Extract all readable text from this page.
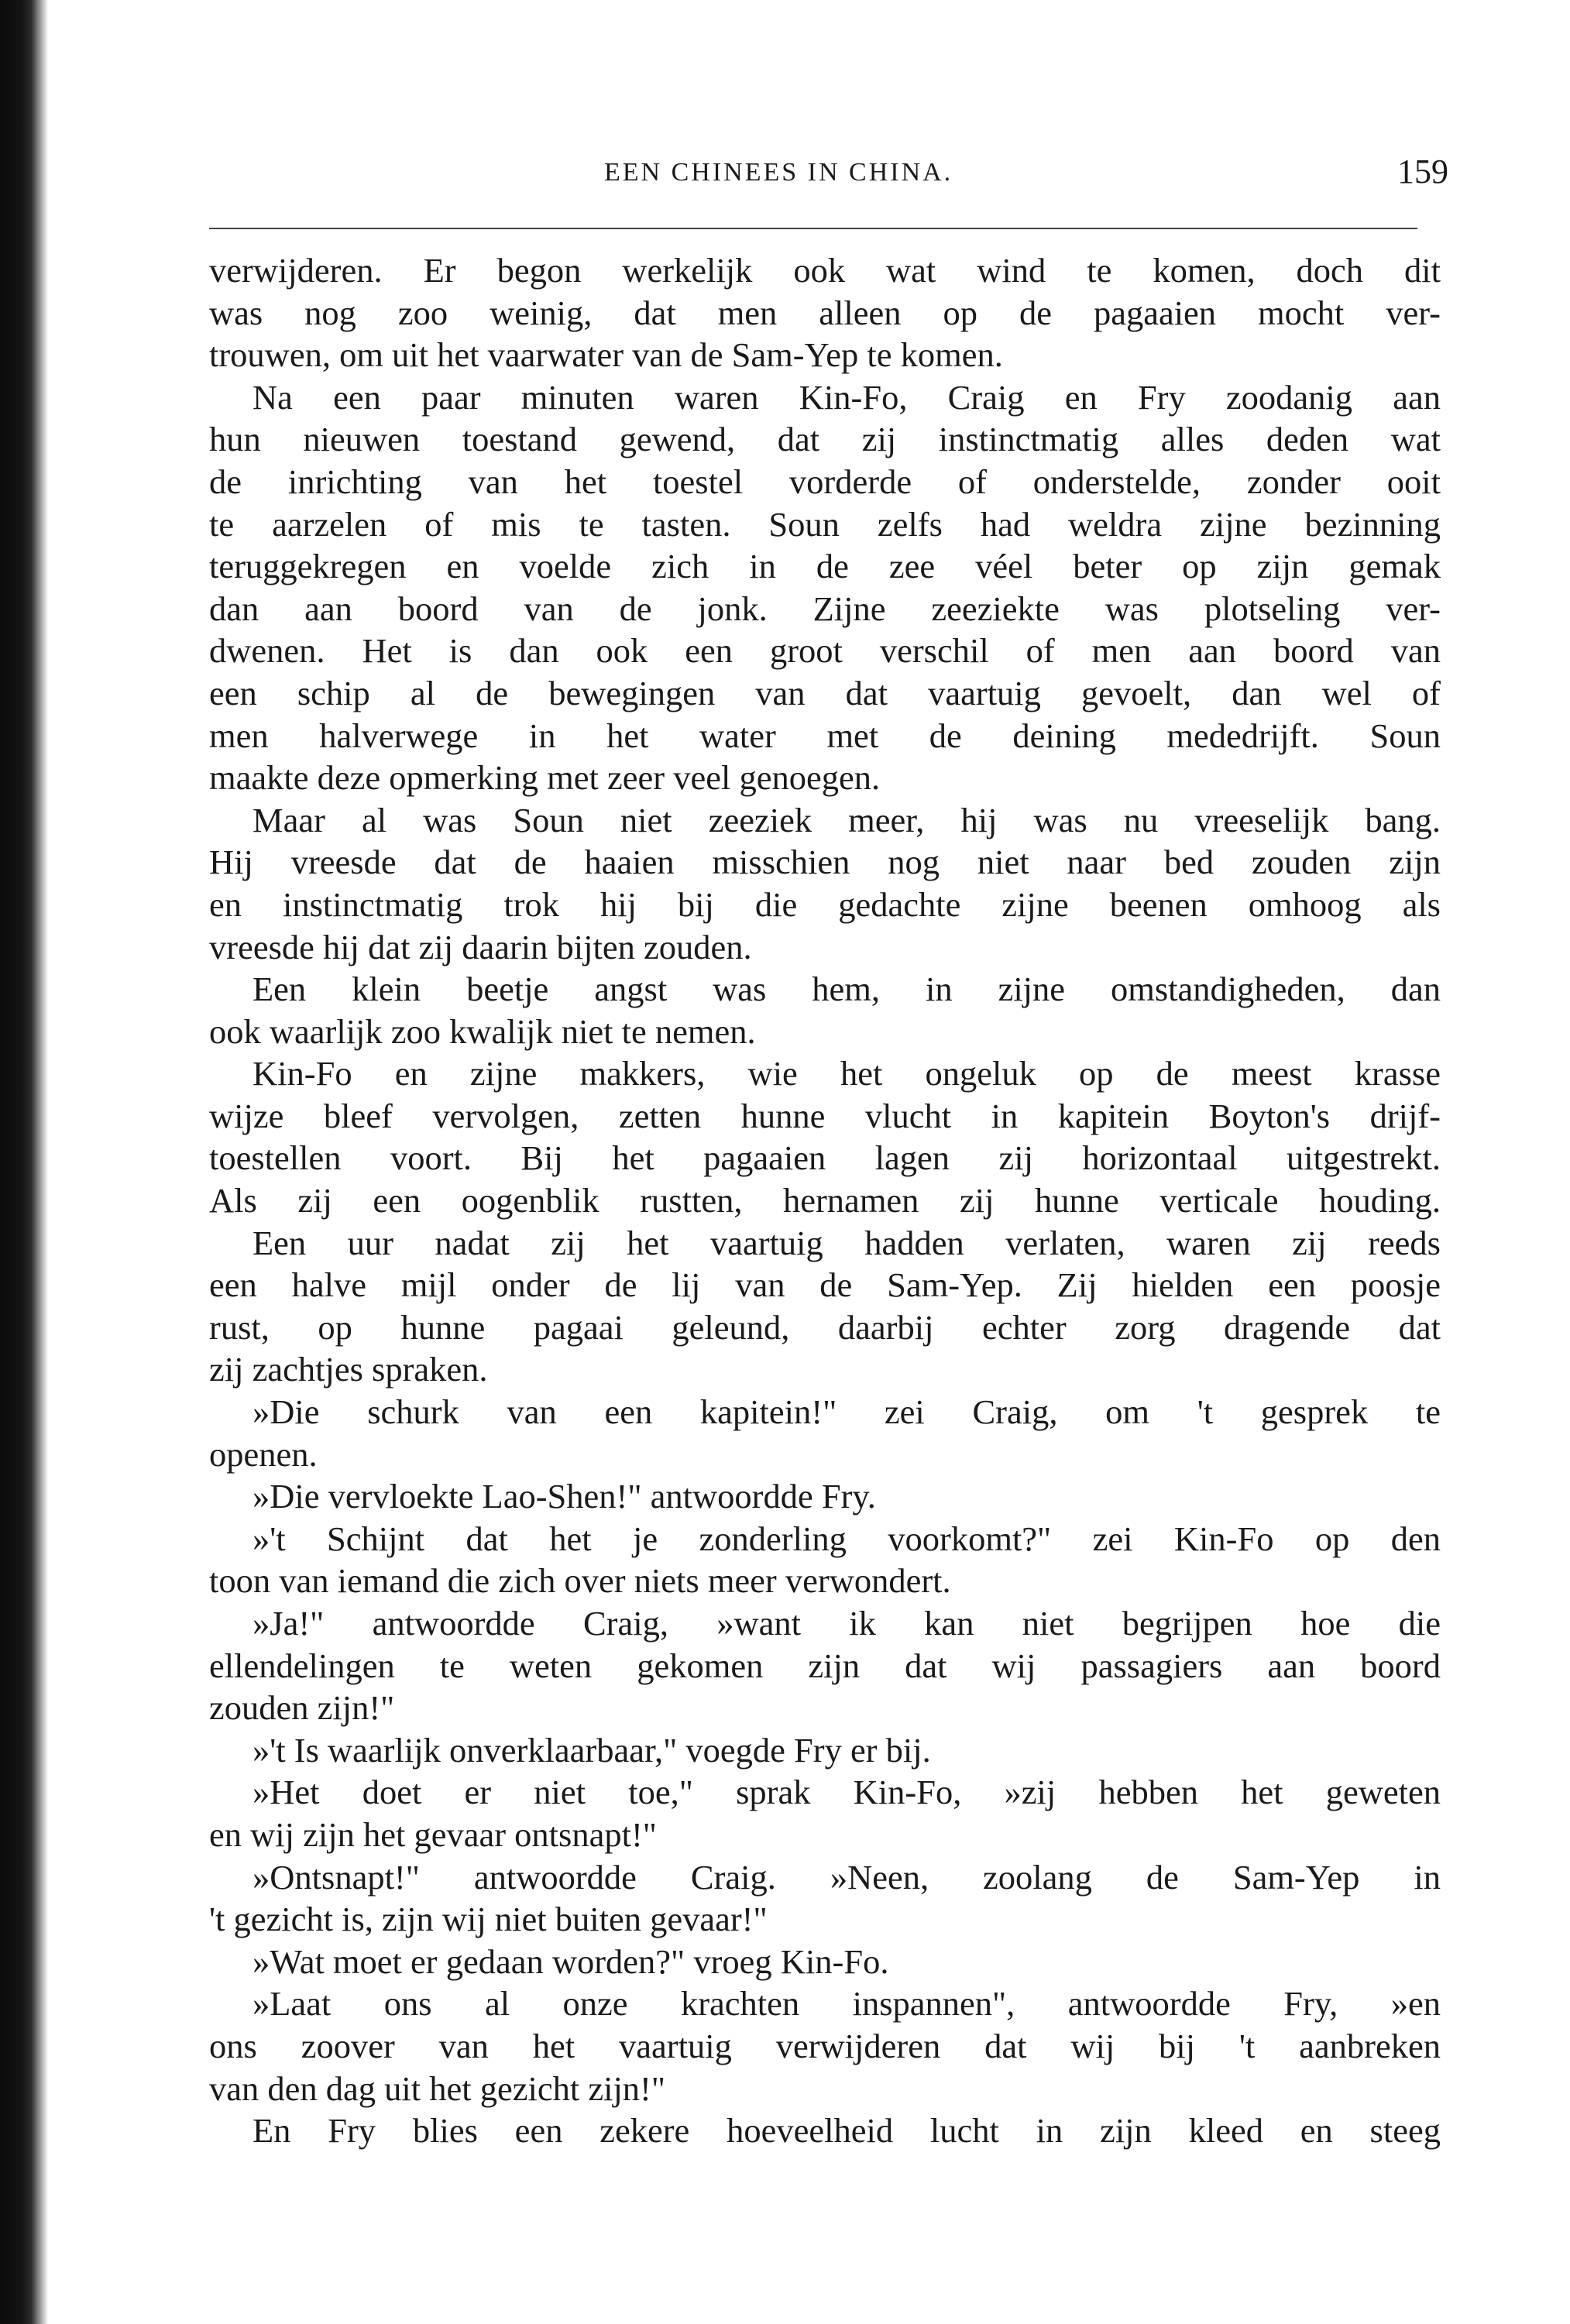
EEN CHINEES IN CHINA.	159
verwijderen. Er begon werkelijk ook wat wind te komen, doch dit
was nog zoo weinig, dat men alleen op de pagaaien mocht ver-
trouwen, om uit het vaarwater van de Sam-Yep te komen.
Na een paar minuten waren Kin-Fo, Craig en Fry zoodanig aan
hun nieuwen toestand gewend, dat zij instinctmatig alles deden wat
de inrichting van het toestel vorderde of onderstelde, zonder ooit
te aarzelen of mis te tasten. Soun zelfs had weldra zijne bezinning
teruggekregen en voelde zich in de zee véel beter op zijn gemak
dan aan boord van de jonk. Zijne zeeziekte was plotseling ver-
dwenen. Het is dan ook een groot verschil of men aan boord van
een schip al de bewegingen van dat vaartuig gevoelt, dan wel of
men halverwege in het water met de deining mededrijft. Soun
maakte deze opmerking met zeer veel genoegen.
Maar al was Soun niet zeeziek meer, hij was nu vreeselijk bang.
Hij vreesde dat de haaien misschien nog niet naar bed zouden zijn
en instinctmatig trok hij bij die gedachte zijne beenen omhoog als
vreesde hij dat zij daarin bijten zouden.
Een klein beetje angst was hem, in zijne omstandigheden, dan
ook waarlijk zoo kwalijk niet te nemen.
Kin-Fo en zijne makkers, wie het ongeluk op de meest krasse
wijze bleef vervolgen, zetten hunne vlucht in kapitein Boyton's drijf-
toestellen voort. Bij het pagaaien lagen zij horizontaal uitgestrekt.
Als zij een oogenblik rustten, hernamen zij hunne verticale houding.
Een uur nadat zij het vaartuig hadden verlaten, waren zij reeds
een halve mijl onder de lij van de Sam-Yep. Zij hielden een poosje
rust, op hunne pagaai geleund, daarbij echter zorg dragende dat
zij zachtjes spraken.
»Die schurk van een kapitein!" zei Craig, om 't gesprek te
openen.
»Die vervloekte Lao-Shen!" antwoordde Fry.
»'t Schijnt dat het je zonderling voorkomt?" zei Kin-Fo op den
toon van iemand die zich over niets meer verwondert.
»Ja!" antwoordde Craig, »want ik kan niet begrijpen hoe die
ellendelingen te weten gekomen zijn dat wij passagiers aan boord
zouden zijn!"
»'t Is waarlijk onverklaarbaar," voegde Fry er bij.
»Het doet er niet toe," sprak Kin-Fo, »zij hebben het geweten
en wij zijn het gevaar ontsnapt!"
»Ontsnapt!" antwoordde Craig. »Neen, zoolang de Sam-Yep in
't gezicht is, zijn wij niet buiten gevaar!"
»Wat moet er gedaan worden?" vroeg Kin-Fo.
»Laat ons al onze krachten inspannen", antwoordde Fry, »en
ons zoover van het vaartuig verwijderen dat wij bij 't aanbreken
van den dag uit het gezicht zijn!"
En Fry blies een zekere hoeveelheid lucht in zijn kleed en steeg
